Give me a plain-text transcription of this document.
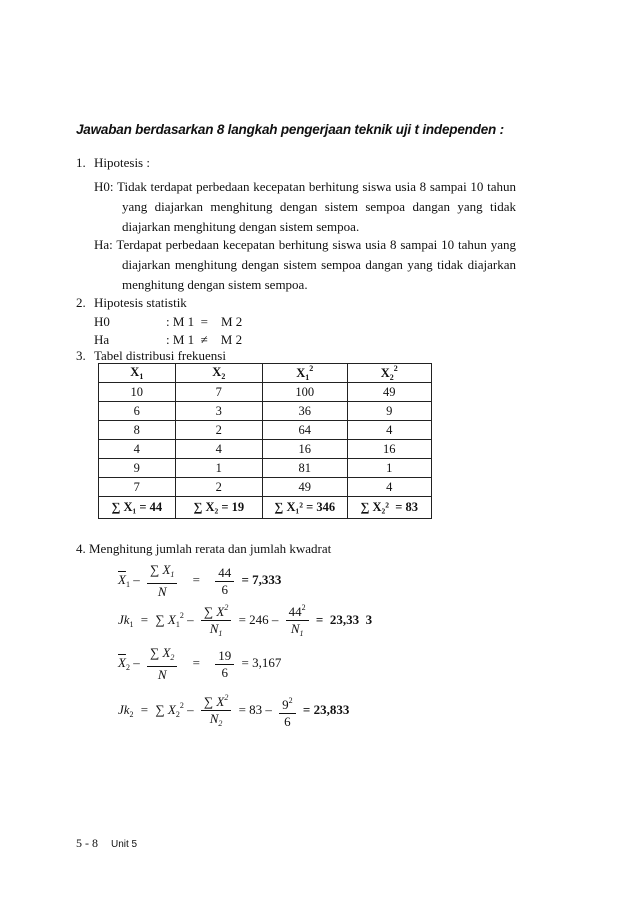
Jawaban berdasarkan 8 langkah pengerjaan teknik uji t independen :
1. Hipotesis :
H0: Tidak terdapat perbedaan kecepatan berhitung siswa usia 8 sampai 10 tahun
yang diajarkan menghitung dengan sistem sempoa dangan yang tidak
diajarkan menghitung dengan sistem sempoa.
Ha: Terdapat perbedaan kecepatan berhitung siswa usia 8 sampai 10 tahun yang
diajarkan menghitung dengan sistem sempoa dangan yang tidak diajarkan
menghitung dengan sistem sempoa.
2. Hipotesis statistik
H0	: M 1  =    M 2
Ha	: M 1  ≠    M 2
3. Tabel distribusi frekuensi
$X_1$	$X_2$	$X_1^2$	$X_2^2$
10	7	100	49
6	3	36	9
8	2	64	4
4	4	16	16
9	1	81	1
7	2	49	4
∑ X₁ = 44	∑ X₂ = 19	∑ X₁² = 346	∑ X₂²  = 83
4. Menghitung jumlah rerata dan jumlah kwadrat
$\overline{X}_1 - \frac{\sum X_1}{N} = \frac{44}{6} = 7,333$
$Jk_1$ = ∑ $X_1^2 - \frac{\sum X^2}{N_1} = 246 - \frac{44^2}{N_1} = 23,33$  3
$\overline{X}_2 - \frac{\sum X_2}{N} = \frac{19}{6} = 3,167$
$Jk_2$ = ∑ $X_2^2 - \frac{\sum X^2}{N_2} = 83 - \frac{9^2}{6} = 23,833$
5 - 8 Unit 5
